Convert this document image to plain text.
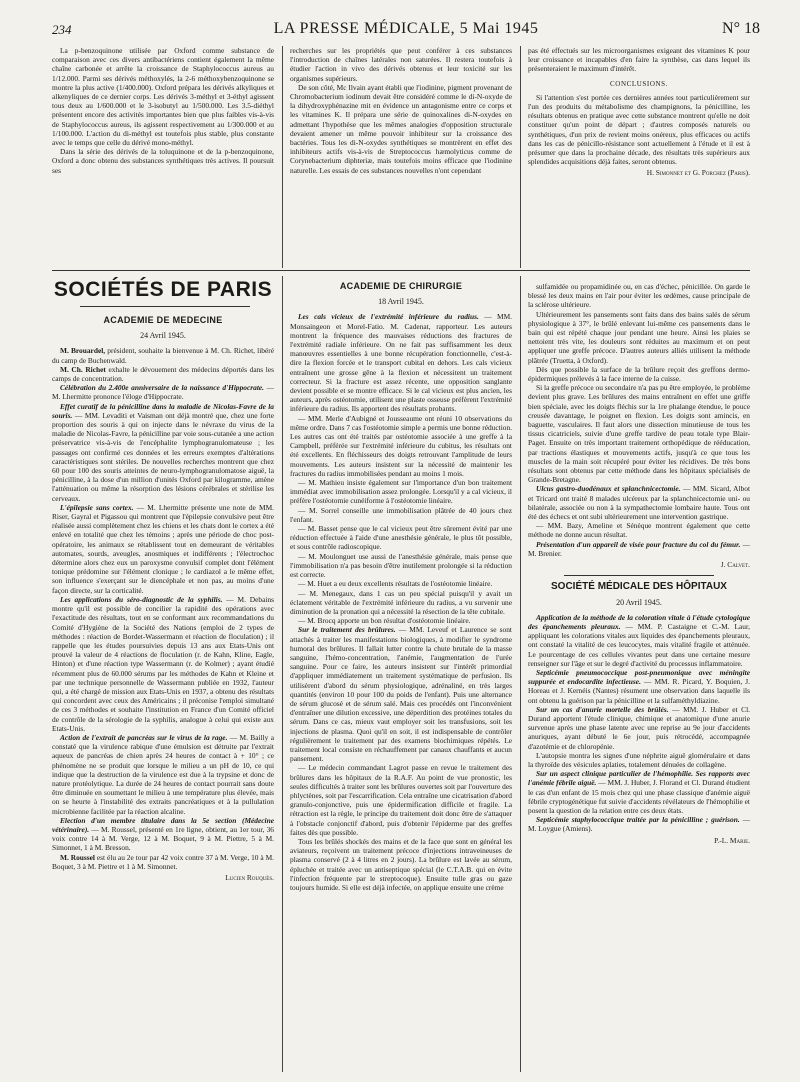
234	LA PRESSE MÉDICALE, 5 Mai 1945	N° 18

La p-benzoquinone utilisée par Oxford comme substance de comparaison avec ces divers antibactériens contient également la même chaîne carbonée et arrête la croissance de Staphylococcus aureus au 1/12.000. Parmi ses dérivés méthoxylés, la 2-6 méthoxybenzoquinone se montre la plus active (1/400.000). Oxford prépara les dérivés alkyliques et alkenyliques de ce dernier corps. Les dérivés 3-méthyl et 3-éthyl agissent tous deux au 1/600.000 et le 3-isobutyl au 1/500.000. Les 3.5-diéthyl présentent encore des activités importantes bien que plus faibles vis-à-vis de Staphylococcus aureus, ils agissent respectivement au 1/300.000 et au 1/100.000. L'action du di-méthyl est toutefois plus stable, plus constante avec le temps que celle du dérivé mono-méthyl.

Dans la série des dérivés de la toluquinone et de la p-benzoquinone, Oxford a donc obtenu des substances synthétiques très actives. Il poursuit ses

recherches sur les propriétés que peut conférer à ces substances l'introduction de chaînes latérales non saturées. Il restera toutefois à étudier l'action in vivo des dérivés obtenus et leur toxicité sur les organismes supérieurs.

De son côté, Mc Ilvain ayant établi que l'iodinine, pigment provenant de Chromobacterium iodinum devait être considéré comme le di-N-oxyde de la dihydroxyphénazine mit en évidence un antagonisme entre ce corps et les vitamines K. Il prépara une série de quinoxalines di-N-oxydes en admettant l'hypothèse que les mêmes analogies d'opposition structurale devaient amener un même pouvoir inhibiteur sur la croissance des bactéries. Tous les di-N-oxydes synthétiques se montrèrent en effet des inhibiteurs actifs vis-à-vis de Streptococcus hæmolyticus comme de Corynebacterium diphteriæ, mais toutefois moins efficace que l'iodinine naturelle. Les essais de ces substances nouvelles n'ont cependant

pas été effectués sur les microorganismes exigeant des vitamines K pour leur croissance et incapables d'en faire la synthèse, cas dans lequel ils présenteraient le maximum d'intérêt.

CONCLUSIONS.

Si l'attention s'est portée ces dernières années tout particulièrement sur l'un des produits du métabolisme des champignons, la pénicilline, les résultats obtenus en pratique avec cette substance montrent qu'elle ne doit constituer qu'un point de départ ; d'autres composés naturels ou synthétiques, d'un prix de revient moins onéreux, plus efficaces ou actifs dans les cas de pénicillo-résistance sont actuellement à l'étude et il est à présumer que dans la prochaine décade, des résultats très supérieurs aux splendides acquisitions déjà faites, seront obtenus.

H. Simonnet et G. Porchez (Paris).
SOCIÉTÉS DE PARIS
ACADÉMIE DE MÉDECINE
24 Avril 1945.

M. Brouardel, président, souhaite la bienvenue à M. Ch. Richet, libéré du camp de Buchenwald.

M. Ch. Richet exhalte le dévouement des médecins déportés dans les camps de concentration.

Célébration du 2.400e anniversaire de la naissance d'Hippocrate. — M. Lhermitte prononce l'éloge d'Hippocrate.

Effet curatif de la pénicilline dans la maladie de Nicolas-Favre de la souris. — MM. Levaditi et Vaisman ont déjà montré que, chez une forte proportion des souris à qui on injecte dans le névraxe du virus de la maladie de Nicolas-Favre, la pénicilline par voie sous-cutanée a une action préservatrice vis-à-vis de l'encéphalite lymphogranulomateuse ; les passages ont confirmé ces données et les erreurs exemptes d'altérations caractéristiques sont stériles. De nouvelles recherches montrent que chez 60 pour 100 des souris atteintes de neuro-lymphogranulomatose aiguë, la pénicilline, à la dose d'un million d'unités Oxford par kilogramme, amène l'atténuation ou même la résorption des lésions cérébrales et stérilise les cerveaux.

L'épilepsie sans cortex. — M. Lhermitte présente une note de MM. Riser, Gayral et Pigassou qui montrent que l'épilepsie convulsive peut être réalisée aussi complètement chez les chiens et les chats dont le cortex a été enlevé en totalité que chez les témoins ; après une période de choc post-opératoire, les animaux se rétablissent tout en demeurant de véritables automates, sourds, aveugles, anosmiques et indifférents ; l'électrochoc détermine alors chez eux un paroxysme convulsif complet dont l'élément tonique prédomine sur l'élément clonique ; le cardiazol a le même effet, son influence s'exerçant sur le diencéphale et non pas, au moins d'une façon directe, sur la corticalité.

Les applications du séro-diagnostic de la syphilis. — M. Debains montre qu'il est possible de concilier la rapidité des opérations avec l'exactitude des résultats, tout en se conformant aux recommandations du Comité d'Hygiène de la Société des Nations (emploi de 2 types de méthodes : réaction de Bordet-Wassermann et réaction de floculation) ; il rappelle que les études poursuivies depuis 13 ans aux Etats-Unis ont prouvé la valeur de 4 réactions de floculation (r. de Kahn, Kline, Eagle, Hinton) et d'une réaction type Wassermann (r. de Kolmer) ; ayant étudié récemment plus de 60.000 sérums par les méthodes de Kahn et Kleine et par une technique personnelle de Wassermann publiée en 1932, l'auteur qui, a été chargé de mission aux Etats-Unis en 1937, a obtenu des résultats qui concordent avec ceux des Américains ; il préconise l'emploi simultané de ces 3 méthodes et souhaite l'institution en France d'un Comité officiel de contrôle de la sérologie de la syphilis, analogue à celui qui existe aux Etats-Unis.

Action de l'extrait de pancréas sur le virus de la rage. — M. Bailly a constaté que la virulence rabique d'une émulsion est détruite par l'extrait aqueux de pancréas de chien après 24 heures de contact à + 10° ; ce phénomène ne se produit que lorsque le milieu a un pH de 10, ce qui indique que la destruction de la virulence est due à la trypsine et donc de nature protéolytique. La durée de 24 heures de contact pourrait sans doute être diminuée en soumettant le milieu à une température plus élevée, mais on se heurte à l'instabilité des extraits pancréatiques et à la pullulation microbienne facilitée par la réaction alcaline.

Election d'un membre titulaire dans la 5e section (Médecine vétérinaire). — M. Roussel, présenté en 1re ligne, obtient, au 1er tour, 36 voix contre 14 à M. Verge, 12 à M. Boquet, 9 à M. Piettre, 5 à M. Simonnet, 1 à M. Bresson.

M. Roussel est élu au 2e tour par 42 voix contre 37 à M. Verge, 10 à M. Boquet, 3 à M. Piettre et 1 à M. Simonnet.

Lucien Rouquès.
ACADÉMIE DE CHIRURGIE
18 Avril 1945.

Les cals vicieux de l'extrémité inférieure du radius. — MM. Monsaingeon et Morel-Fatio. M. Cadenat, rapporteur. Les auteurs montrent la fréquence des mauvaises réductions des fractures de l'extrémité radiale inférieure. On ne fait pas suffisamment les deux manœuvres essentielles à une bonne récupération fonctionnelle, c'est-à-dire la flexion forcée et le transport cubital en dehors. Les cals vicieux entraînent une grosse gêne à la flexion et nécessitent un traitement correcteur. Si la fracture est assez récente, une opposition sanglante devient possible et se montre efficace. Si le cal vicieux est plus ancien, les auteurs, après ostéotomie, utilisent une plaste osseuse préfèrent l'extrémité inférieure du radius. Ils apportent des résultats probants.

— MM. Merle d'Aubigné et Jousseaume ont réuni 10 observations du même ordre. Dans 7 cas l'ostéotomie simple a permis une bonne réduction. Les autres cas ont été traités par ostéotomie associée à une greffe à la Campbell, préférée sur l'extrémité inférieure du cubitus, les résultats ont été excellents. En fléchisseurs des doigts retrouvant l'amplitude de leurs mouvements. Les auteurs insistent sur la nécessité de maintenir les fractures du radius immobilisées pendant au moins 1 mois.

— M. Mathieu insiste également sur l'importance d'un bon traitement immédiat avec immobilisation assez prolongée. Lorsqu'il y a cal vicieux, il préfère l'ostéotomie cunéiforme à l'ostéotomie linéaire.

— M. Sorrel conseille une immobilisation plâtrée de 40 jours chez l'enfant.

— M. Basset pense que le cal vicieux peut être sûrement évité par une réduction effectuée à l'aide d'une anesthésie générale, le plus tôt possible, et sous contrôle radioscopique.

— M. Moulonguet use aussi de l'anesthésie générale, mais pense que l'immobilisation n'a pas besoin d'être inutilement prolongée si la réduction est correcte.

— M. Huet a eu deux excellents résultats de l'ostéotomie linéaire.

— M. Menegaux, dans 1 cas un peu spécial puisqu'il y avait un éclatement véritable de l'extrémité inférieure du radius, a vu survenir une diminution de la pronation qui a nécessité la résection de la tête cubitale.

— M. Brocq apporte un bon résultat d'ostéotomie linéaire.

Sur le traitement des brûlures. — MM. Leveuf et Laurence se sont attachés à traiter les manifestations biologiques, à modifier le syndrome humoral des brûlures. Il fallait lutter contre la chute brutale de la masse sanguine, l'hémo-concentration, l'anémie, l'augmentation de l'urée sanguine. Pour ce faire, les auteurs insistent sur l'intérêt primordial d'appliquer immédiatement un traitement systématique de perfusion. Ils utilisèrent d'abord du sérum physiologique, adrénaliné, en très larges quantités (environ 10 pour 100 du poids de l'enfant). Puis une alternance de sérum glucosé et de sérum salé. Mais ces procédés ont l'inconvénient d'entraîner une dilution excessive, une déperdition des protéines totales du sérum. Dans ce cas, mieux vaut employer soit les transfusions, soit les injections de plasma. Quoi qu'il en soit, il est indispensable de contrôler régulièrement le traitement par des examens biochimiques répétés. Le traitement local consiste en réchauffement par canaux chauffants et aucun pansement.

— Le médecin commandant Lagrot passe en revue le traitement des brûlures dans les hôpitaux de la R.A.F. Au point de vue pronostic, les seules difficultés à traiter sont les brûlures ouvertes soit par l'ouverture des phlyctènes, soit par l'escarrification. Cela entraîne une cicatrisation d'abord granulo-conjonctive, puis une épidermification difficile et fragile. La rétraction est la règle, le principe du traitement doit donc être de s'attaquer à l'obstacle conjonctif d'abord, puis d'obtenir l'épiderme par des greffes faites dès que possible.

Tous les brûlés shockés des mains et de la face que sont en général les aviateurs, reçoivent un traitement précoce d'injections intraveineuses de plasma conservé (2 à 4 litres en 2 jours). La brûlure est lavée au sérum, épluchée et traitée avec un antiseptique spécial (le C.T.A.B. qui en évite l'infection fréquente par le streptocoque). Ensuite tulle gras ou gaze toujours humide. Si elle est déjà infectée, on applique ensuite une crème

sulfamidée ou propamidinée ou, en cas d'échec, pénicillée. On garde le blessé les deux mains en l'air pour éviter les œdèmes, cause principale de la sclérose ultérieure.

Ultérieurement les pansements sont faits dans des bains salés de sérum physiologique à 37°, le brûlé enlevant lui-même ces pansements dans le bain qui est répété chaque jour pendant une heure. Ainsi les plaies se nettoient très vite, les douleurs sont réduites au maximum et on peut appliquer une greffe précoce. D'autres auteurs alliés utilisent la méthode plâtrée (Truetta, à Oxford).

Dès que possible la surface de la brûlure reçoit des greffons dermo-épidermiques prélevés à la face interne de la cuisse.

Si la greffe précoce ou secondaire n'a pas pu être employée, le problème devient plus grave. Les brûlures des mains entraînent en effet une griffe bien spéciale, avec les doigts fléchis sur la 1re phalange étendue, le pouce creusée davantage, le poignet en flexion. Les doigts sont amincis, en baguette, vasculaires. Il faut alors une dissection minutieuse de tous les tissus cicatriciels, suivie d'une greffe tardive de peau totale type Blair-Paget. Ensuite on très important traitement orthopédique de rééducation, par tractions élastiques et mouvements actifs, jusqu'à ce que tous les muscles de la main soit récupéré pour éviter les récidives. De très bons résultats sont obtenus par cette méthode dans les hôpitaux spécialisés de Grande-Bretagne.

Ulcus gastro-duodénaux et splanchnicectomie. — MM. Sicard, Albot et Tricard ont traité 8 malades ulcéreux par la splanchnicectomie uni- ou bilatérale, associée ou non à la sympathectomie lombaire haute. Tous ont été des échecs et ont subi ultérieurement une intervention gastrique.

— MM. Bazy, Ameline et Sénèque montrent également que cette méthode ne donne aucun résultat.

Présentation d'un appareil de visée pour fracture du col du fémur. — M. Brenier.

J. Calvet.
SOCIÉTÉ MÉDICALE DES HÔPITAUX
20 Avril 1945.

Application de la méthode de la coloration vitale à l'étude cytologique des épanchements pleuraux. — MM. P. Castaigne et C.-M. Laur, appliquant les colorations vitales aux liquides des épanchements pleuraux, ont constaté la vitalité de ces leucocytes, mais vitalité fragile et atténuée. Le pourcentage de ces cellules vivantes peut dans une certaine mesure renseigner sur l'âge et sur le degré d'activité du processus inflammatoire.

Septicémie pneumococcique post-pneumonique avec méningite suppurée et endocardite infectieuse. — MM. R. Picard, Y. Boquien, J. Horeau et J. Kernéis (Nantes) résument une observation dans laquelle ils ont obtenu la guérison par la pénicilline et la sulfaméthyldiazine.

Sur un cas d'anurie mortelle des brûlés. — MM. J. Huber et Cl. Durand apportent l'étude clinique, chimique et anatomique d'une anurie survenue après une phase latente avec une reprise au 9e jour d'accidents anuriques, ayant débuté le 6e jour, puis rétrocédé, accompagnée d'azotémie et de chloropénie.

L'autopsie montra les signes d'une néphrite aiguë glomérulaire et dans la thyroïde des vésicules aplaties, totalement dénuées de collagène.

Sur un aspect clinique particulier de l'hémophilie. Ses rapports avec l'anémie fébrile aiguë. — MM. J. Huber, J. Florand et Cl. Durand étudient le cas d'un enfant de 15 mois chez qui une phase classique d'anémie aiguë fébrile cryptogénétique fut suivie d'accidents révélateurs de l'hémophilie et posent la question de la relation entre ces deux états.

Septicémie staphylococcique traitée par la pénicilline ; guérison. — M. Loygue (Amiens).

P.-L. Marie.
